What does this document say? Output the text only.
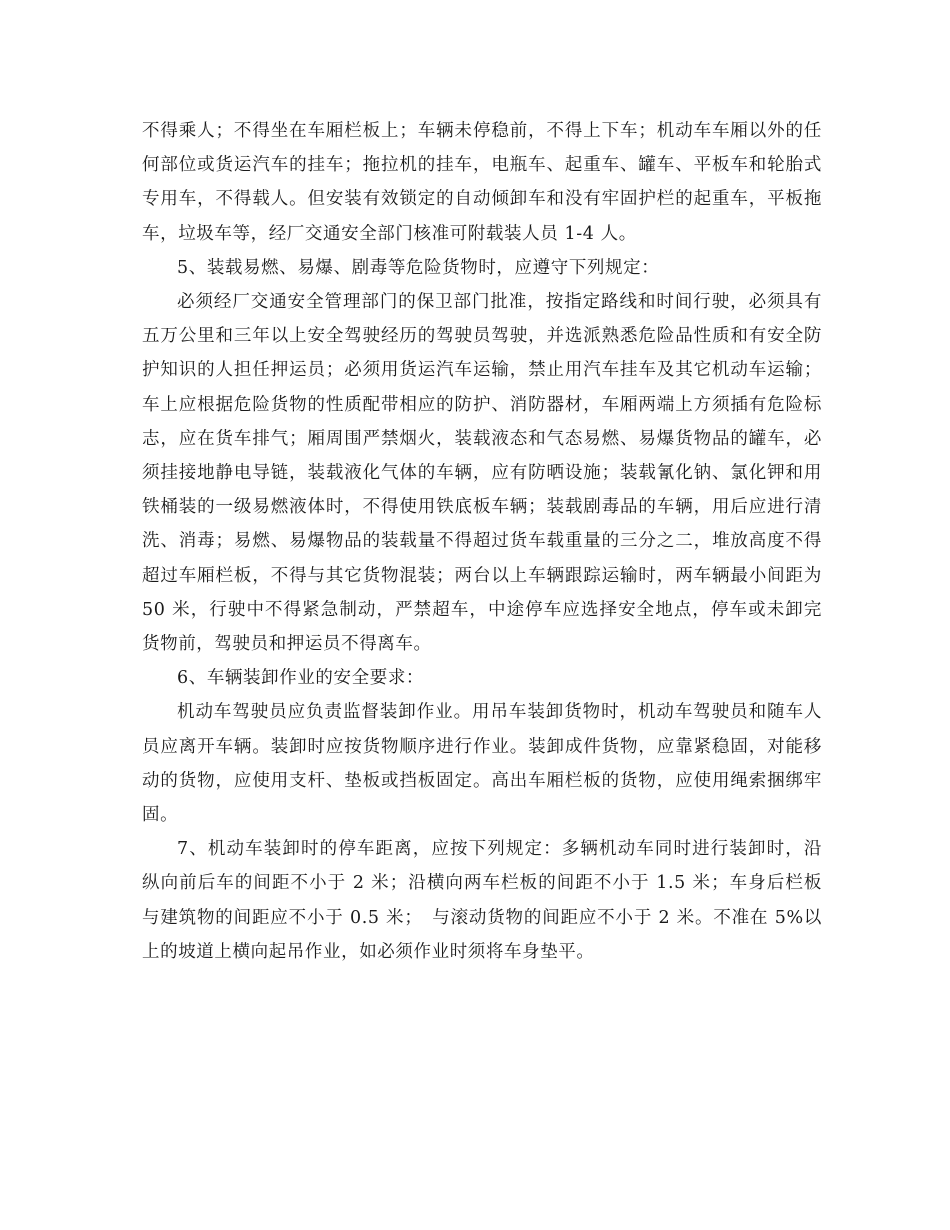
不得乘人；不得坐在车厢栏板上；车辆未停稳前，不得上下车；机动车车厢以外的任何部位或货运汽车的挂车；拖拉机的挂车，电瓶车、起重车、罐车、平板车和轮胎式专用车，不得载人。但安装有效锁定的自动倾卸车和没有牢固护栏的起重车，平板拖车，垃圾车等，经厂交通安全部门核准可附载装人员 1-4 人。

5、装载易燃、易爆、剧毒等危险货物时，应遵守下列规定：

必须经厂交通安全管理部门的保卫部门批准，按指定路线和时间行驶，必须具有五万公里和三年以上安全驾驶经历的驾驶员驾驶，并选派熟悉危险品性质和有安全防护知识的人担任押运员；必须用货运汽车运输，禁止用汽车挂车及其它机动车运输；车上应根据危险货物的性质配带相应的防护、消防器材，车厢两端上方须插有危险标志，应在货车排气；厢周围严禁烟火，装载液态和气态易燃、易爆货物品的罐车，必须挂接地静电导链，装载液化气体的车辆，应有防晒设施；装载氰化钠、氯化钾和用铁桶装的一级易燃液体时，不得使用铁底板车辆；装载剧毒品的车辆，用后应进行清洗、消毒；易燃、易爆物品的装载量不得超过货车载重量的三分之二，堆放高度不得超过车厢栏板，不得与其它货物混装；两台以上车辆跟踪运输时，两车辆最小间距为 50 米，行驶中不得紧急制动，严禁超车，中途停车应选择安全地点，停车或未卸完货物前，驾驶员和押运员不得离车。

6、车辆装卸作业的安全要求：

机动车驾驶员应负责监督装卸作业。用吊车装卸货物时，机动车驾驶员和随车人员应离开车辆。装卸时应按货物顺序进行作业。装卸成件货物，应靠紧稳固，对能移动的货物，应使用支杆、垫板或挡板固定。高出车厢栏板的货物，应使用绳索捆绑牢固。

7、机动车装卸时的停车距离，应按下列规定：多辆机动车同时进行装卸时，沿纵向前后车的间距不小于 2 米；沿横向两车栏板的间距不小于 1.5 米；车身后栏板与建筑物的间距应不小于 0.5 米；　与滚动货物的间距应不小于 2 米。不准在 5%以上的坡道上横向起吊作业，如必须作业时须将车身垫平。
